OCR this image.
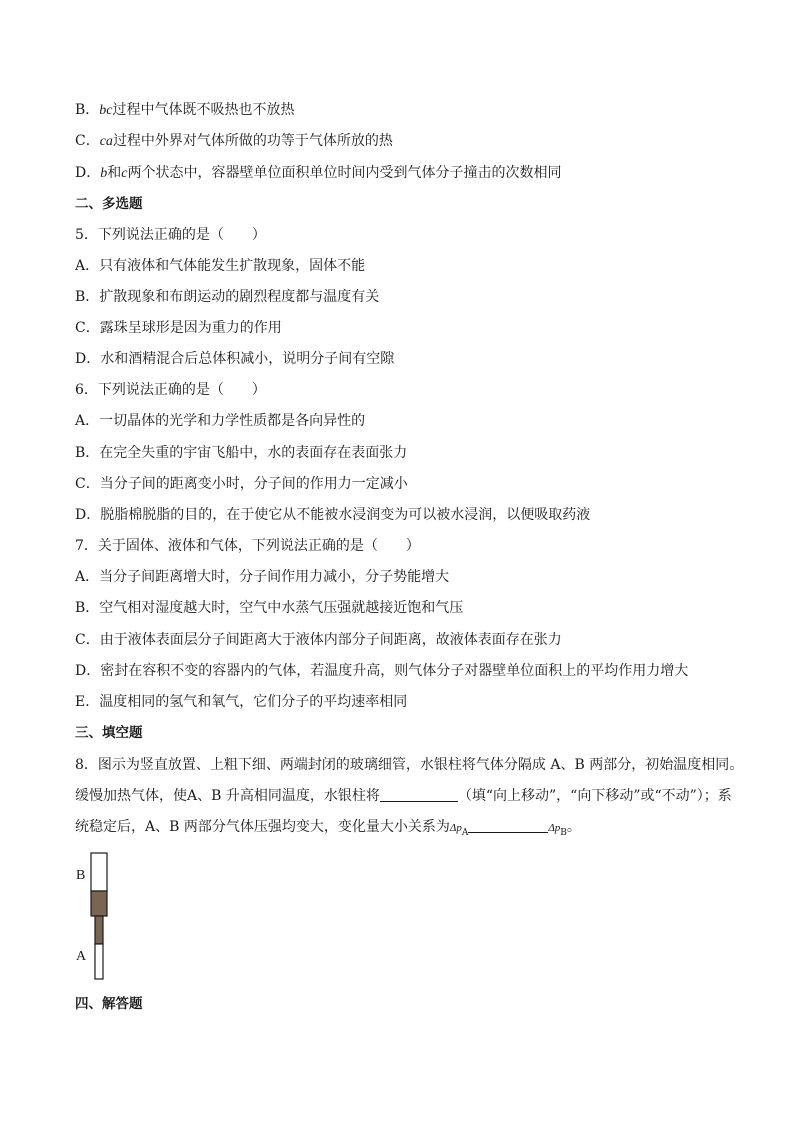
B．bc过程中气体既不吸热也不放热
C．ca过程中外界对气体所做的功等于气体所放的热
D．b和c两个状态中，容器壁单位面积单位时间内受到气体分子撞击的次数相同
二、多选题
5．下列说法正确的是（　　）
A．只有液体和气体能发生扩散现象，固体不能
B．扩散现象和布朗运动的剧烈程度都与温度有关
C．露珠呈球形是因为重力的作用
D．水和酒精混合后总体积减小，说明分子间有空隙
6．下列说法正确的是（　　）
A．一切晶体的光学和力学性质都是各向异性的
B．在完全失重的宇宙飞船中，水的表面存在表面张力
C．当分子间的距离变小时，分子间的作用力一定减小
D．脱脂棉脱脂的目的，在于使它从不能被水浸润变为可以被水浸润，以便吸取药液
7．关于固体、液体和气体，下列说法正确的是（　　）
A．当分子间距离增大时，分子间作用力减小，分子势能增大
B．空气相对湿度越大时，空气中水蒸气压强就越接近饱和气压
C．由于液体表面层分子间距离大于液体内部分子间距离，故液体表面存在张力
D．密封在容积不变的容器内的气体，若温度升高，则气体分子对器壁单位面积上的平均作用力增大
E．温度相同的氢气和氧气，它们分子的平均速率相同
三、填空题
8．图示为竖直放置、上粗下细、两端封闭的玻璃细管，水银柱将气体分隔成 A、B 两部分，初始温度相同。
缓慢加热气体，使A、B 升高相同温度，水银柱将	（填“向上移动”，“向下移动”或“不动”）；系
统稳定后，A、B 两部分气体压强均变大，变化量大小关系为$\Delta p_A$	$\Delta p_B$。
B
A
四、解答题
